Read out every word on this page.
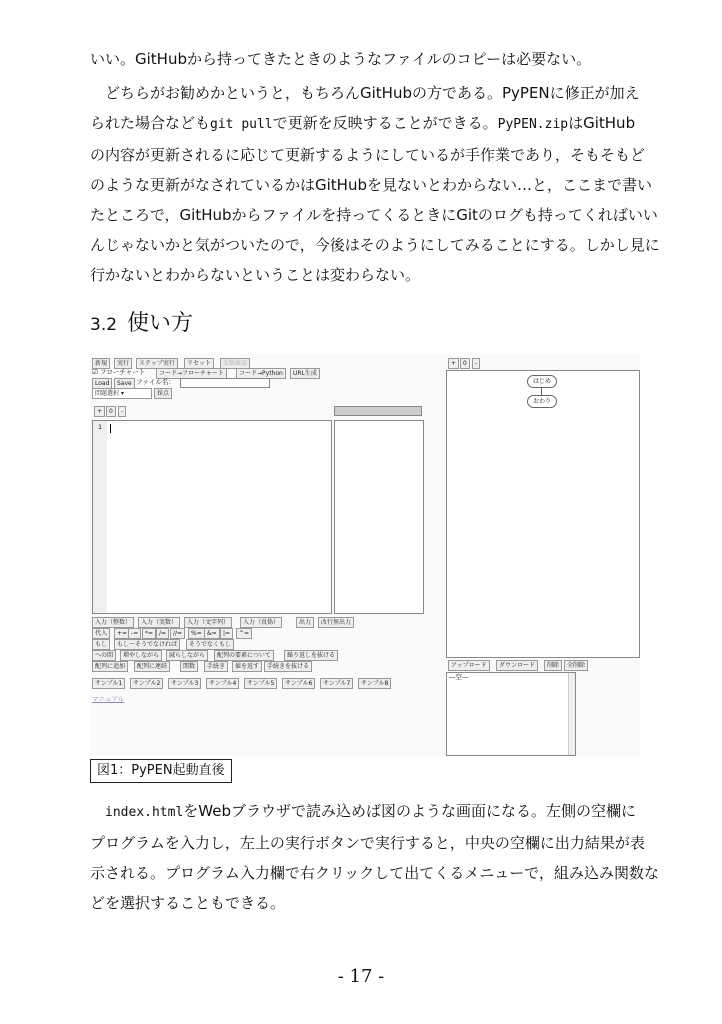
いい。GitHubから持ってきたときのようなファイルのコピーは必要ない。

　どちらがお勧めかというと，もちろんGitHubの方である。PyPENに修正が加え
られた場合などもgit pullで更新を反映することができる。PyPEN.zipはGitHub
の内容が更新されるに応じて更新するようにしているが手作業であり，そもそもど
のような更新がなされているかはGitHubを見ないとわからない…と，ここまで書い
たところで，GitHubからファイルを持ってくるときにGitのログも持ってくればいい
んじゃないかと気がついたので，今後はそのようにしてみることにする。しかし見に
行かないとわからないということは変わらない。

3.2 使い方
新規	実行	ステップ実行	リセット	変数確認
☑ フローチャート	コード→フローチャート	コード→Python	URL生成
Load	Save ファイル名：
問題選択 ▾	採点
+	0	-
1
入力（整数）	入力（実数）	入力（文字列）	入力（真偽）	出力	改行無出力
代入	+= -=	*= /=	//=	%= &=	|=	^=
もし	もし～そうでなければ	そうでなくもし
への間	増やしながら	減らしながら	配列の要素について	繰り返しを抜ける
配列に追加	配列に連結	関数	手続き	値を返す	手続きを抜ける
サンプル1	サンプル2	サンプル3	サンプル4	サンプル5	サンプル6	サンプル7	サンプル8
マニュアル
+	0	-
はじめ
おわり
アップロード	ダウンロード	削除	全削除
―空―
図1：PyPEN起動直後

　index.htmlをWebブラウザで読み込めば図のような画面になる。左側の空欄に
プログラムを入力し，左上の実行ボタンで実行すると，中央の空欄に出力結果が表
示される。プログラム入力欄で右クリックして出てくるメニューで，組み込み関数な
どを選択することもできる。

- 17 -
